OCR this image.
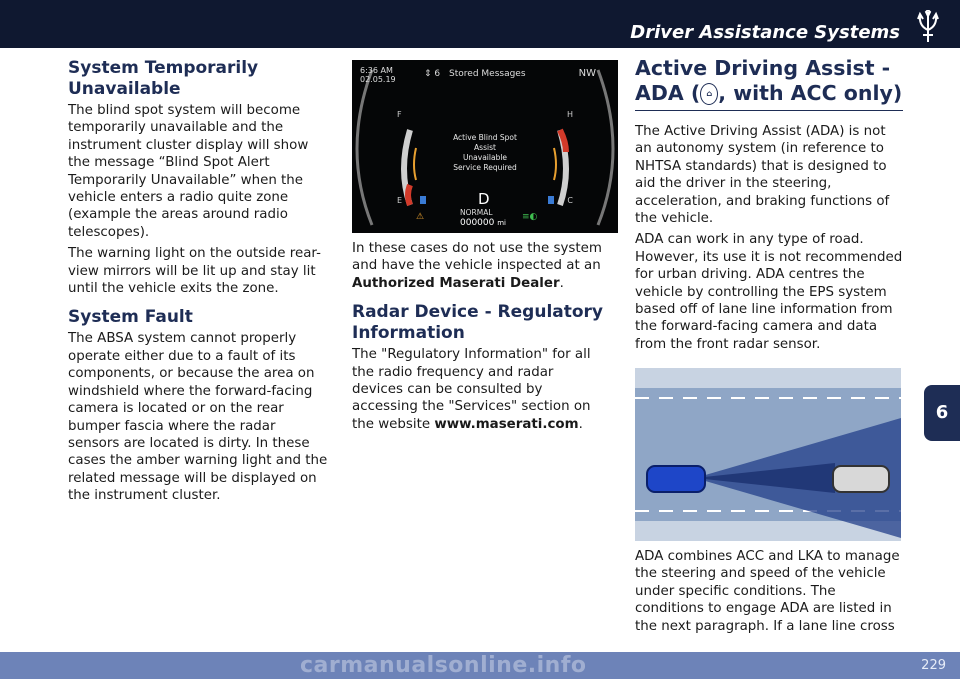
Driver Assistance Systems
6
System Temporarily Unavailable

The blind spot system will become temporarily unavailable and the instrument cluster display will show the message “Blind Spot Alert Temporarily Unavailable” when the vehicle enters a radio quite zone (example the areas around radio telescopes).

The warning light on the outside rear-view mirrors will be lit up and stay lit until the vehicle exits the zone.

System Fault

The ABSA system cannot properly operate either due to a fault of its components, or because the area on windshield where the forward-facing camera is located or on the rear bumper fascia where the radar sensors are located is dirty. In these cases the amber warning light and the related message will be displayed on the instrument cluster.

6:36 AM
02.05.19
⇕ 6 Stored Messages	NW
F
E
H
C
Active Blind Spot
Assist
Unavailable
Service Required
D
NORMAL
000000 mi
⚠	≡◐

In these cases do not use the system and have the vehicle inspected at an Authorized Maserati Dealer.

Radar Device - Regulatory Information

The "Regulatory Information" for all the radio frequency and radar devices can be consulted by accessing the "Services" section on the website www.maserati.com.

Active Driving Assist - ADA ( ⌂ , with ACC only)

The Active Driving Assist (ADA) is not an autonomy system (in reference to NHTSA standards) that is designed to aid the driver in the steering, acceleration, and braking functions of the vehicle.

ADA can work in any type of road. However, its use it is not recommended for urban driving. ADA centres the vehicle by controlling the EPS system based off of lane line information from the forward-facing camera and data from the front radar sensor.

ADA combines ACC and LKA to manage the steering and speed of the vehicle under specific conditions. The conditions to engage ADA are listed in the next paragraph. If a lane line cross

carmanualsonline.info	229
